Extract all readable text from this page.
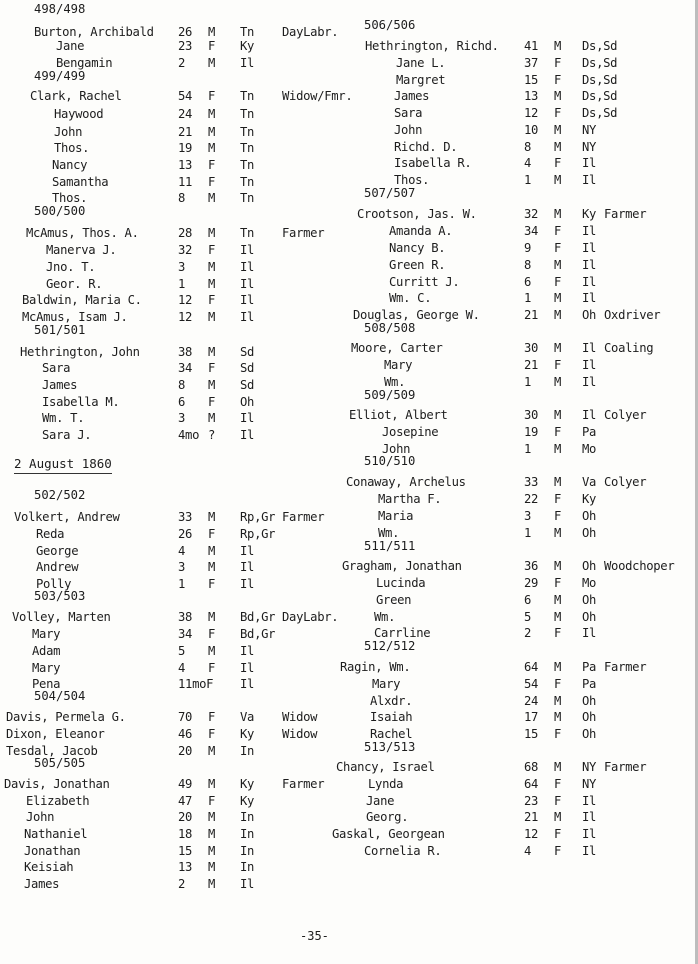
498/498
Burton, Archibald 26 M Tn DayLabr.
Jane	23 F Ky
Bengamin	2 M Il
499/499
Clark, Rachel	54 F Tn Widow/Fmr.
Haywood	24 M Tn
John	21 M Tn
Thos.	19 M Tn
Nancy	13 F Tn
Samantha	11 F Tn
Thos.	8 M Tn
500/500
McAmus, Thos. A.	28 M Tn Farmer
Manerva J.	32 F Il
Jno. T.	3 M Il
Geor. R.	1 M Il
Baldwin, Maria C.	12 F Il
McAmus, Isam J.	12 M Il
501/501
Hethrington, John	38 M Sd
Sara	34 F Sd
James	8 M Sd
Isabella M.	6 F Oh
Wm. T.	3 M Il
Sara J.	4mo ? Il
2 August 1860
502/502
Volkert, Andrew	33 M Rp,Gr Farmer
Reda	26 F Rp,Gr
George	4 M Il
Andrew	3 M Il
Polly	1 F Il
503/503
Volley, Marten	38 M Bd,Gr DayLabr.
Mary	34 F Bd,Gr
Adam	5 M Il
Mary	4 F Il
Pena	11moF Il
504/504
Davis, Permela G.	70 F Va Widow
Dixon, Eleanor	46 F Ky Widow
Tesdal, Jacob	20 M In
505/505
Davis, Jonathan	49 M Ky Farmer
Elizabeth	47 F Ky
John	20 M In
Nathaniel	18 M In
Jonathan	15 M In
Keisiah	13 M In
James	2 M Il
506/506
Hethrington, Richd. 41 M Ds,Sd
Jane L.	37 F Ds,Sd
Margret	15 F Ds,Sd
James	13 M Ds,Sd
Sara	12 F Ds,Sd
John	10 M NY
Richd. D.	8 M NY
Isabella R.	4 F Il
Thos.	1 M Il
507/507
Crootson, Jas. W.	32 M Ky Farmer
Amanda A.	34 F Il
Nancy B.	9 F Il
Green R.	8 M Il
Curritt J.	6 F Il
Wm. C.	1 M Il
Douglas, George W.	21 M Oh Oxdriver
508/508
Moore, Carter	30 M Il Coaling
Mary	21 F Il
Wm.	1 M Il
509/509
Elliot, Albert	30 M Il Colyer
Josepine	19 F Pa
John	1 M Mo
510/510
Conaway, Archelus	33 M Va Colyer
Martha F.	22 F Ky
Maria	3 F Oh
Wm.	1 M Oh
511/511
Gragham, Jonathan	36 M Oh Woodchoper
Lucinda	29 F Mo
Green	6 M Oh
Wm.	5 M Oh
Carrline	2 F Il
512/512
Ragin, Wm.	64 M Pa Farmer
Mary	54 F Pa
Alxdr.	24 M Oh
Isaiah	17 M Oh
Rachel	15 F Oh
513/513
Chancy, Israel	68 M NY Farmer
Lynda	64 F NY
Jane	23 F Il
Georg.	21 M Il
Gaskal, Georgean	12 F Il
Cornelia R.	4 F Il
-35-
